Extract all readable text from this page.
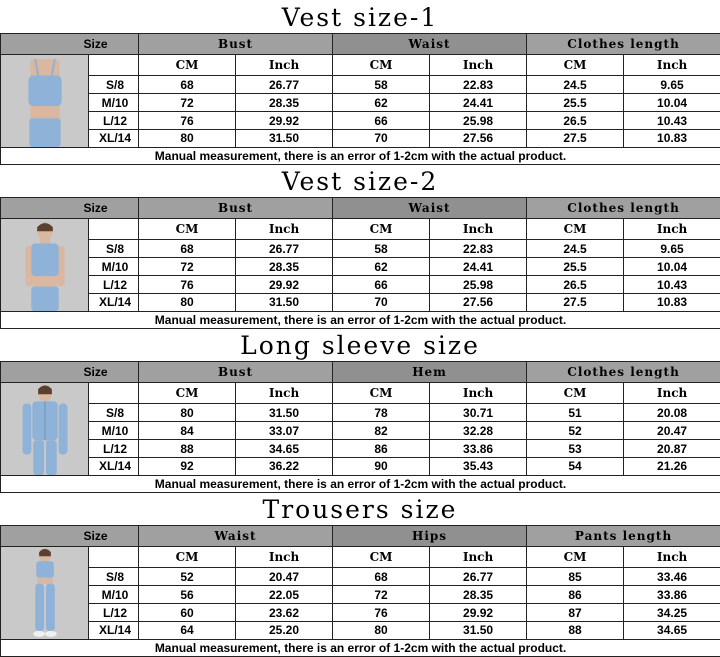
Vest size-1
Size		Bust		Waist		Clothes length	

		CM	Inch	CM	Inch	CM	Inch
	S/8	68	26.77	58	22.83	24.5	9.65
	M/10	72	28.35	62	24.41	25.5	10.04
	L/12	76	29.92	66	25.98	26.5	10.43
	XL/14	80	31.50	70	27.56	27.5	10.83
Manual measurement, there is an error of 1-2cm with the actual product.							
Vest size-2
Size		Bust		Waist		Clothes length	

		CM	Inch	CM	Inch	CM	Inch
	S/8	68	26.77	58	22.83	24.5	9.65
	M/10	72	28.35	62	24.41	25.5	10.04
	L/12	76	29.92	66	25.98	26.5	10.43
	XL/14	80	31.50	70	27.56	27.5	10.83
Manual measurement, there is an error of 1-2cm with the actual product.							
Long sleeve size
Size		Bust		Hem		Clothes length	

		CM	Inch	CM	Inch	CM	Inch
	S/8	80	31.50	78	30.71	51	20.08
	M/10	84	33.07	82	32.28	52	20.47
	L/12	88	34.65	86	33.86	53	20.87
	XL/14	92	36.22	90	35.43	54	21.26
Manual measurement, there is an error of 1-2cm with the actual product.							
Trousers size
Size		Waist		Hips		Pants length	

		CM	Inch	CM	Inch	CM	Inch
	S/8	52	20.47	68	26.77	85	33.46
	M/10	56	22.05	72	28.35	86	33.86
	L/12	60	23.62	76	29.92	87	34.25
	XL/14	64	25.20	80	31.50	88	34.65
Manual measurement, there is an error of 1-2cm with the actual product.							
